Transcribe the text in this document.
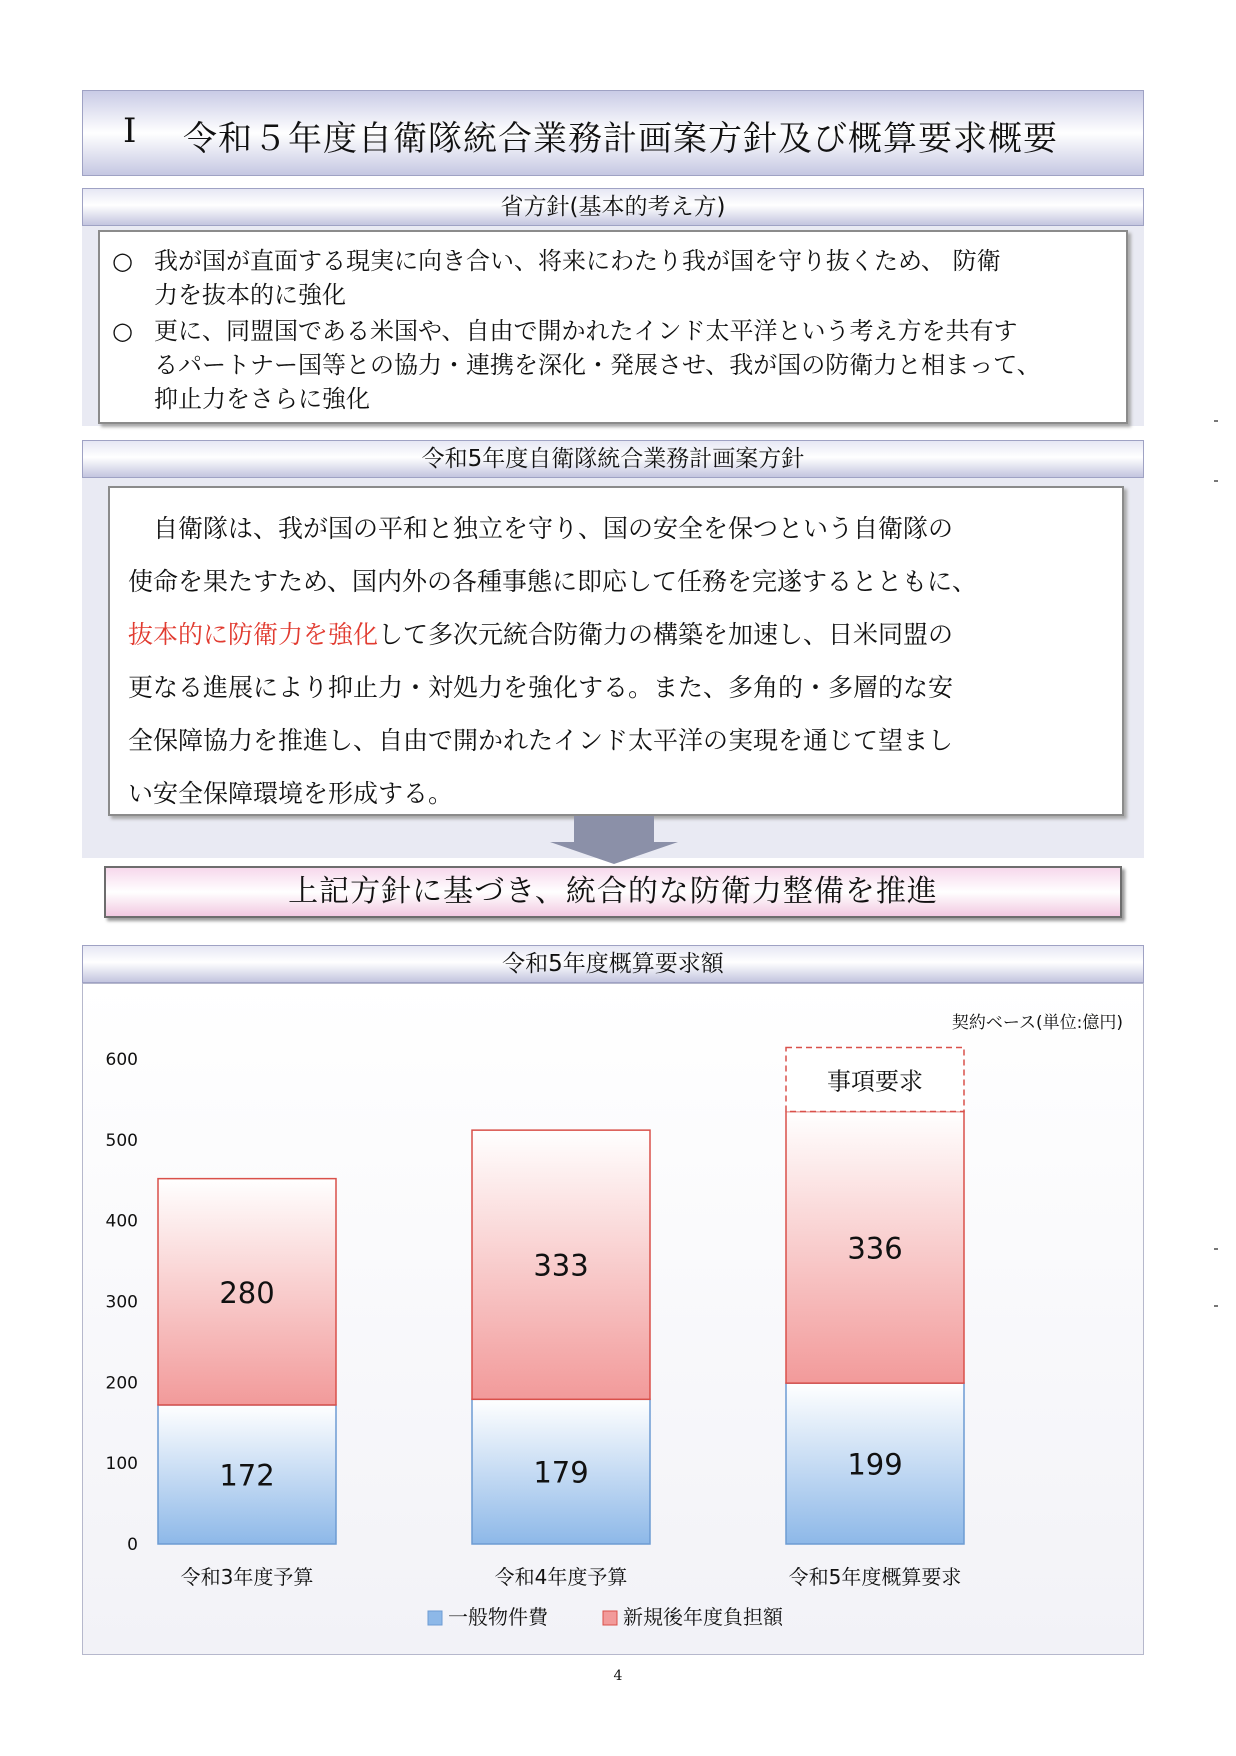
Ⅰ 令和５年度自衛隊統合業務計画案方針及び概算要求概要
省方針(基本的考え方)
○ 我が国が直面する現実に向き合い、将来にわたり我が国を守り抜くため、 防衛
力を抜本的に強化
○ 更に、同盟国である米国や、自由で開かれたインド太平洋という考え方を共有す
るパートナー国等との協力・連携を深化・発展させ、我が国の防衛力と相まって、
抑止力をさらに強化
令和5年度自衛隊統合業務計画案方針
　自衛隊は、我が国の平和と独立を守り、国の安全を保つという自衛隊の
使命を果たすため、国内外の各種事態に即応して任務を完遂するとともに、
抜本的に防衛力を強化して多次元統合防衛力の構築を加速し、日米同盟の
更なる進展により抑止力・対処力を強化する。また、多角的・多層的な安
全保障協力を推進し、自由で開かれたインド太平洋の実現を通じて望まし
い安全保障環境を形成する。
上記方針に基づき、統合的な防衛力整備を推進
令和5年度概算要求額
契約ベース(単位:億円)
0
100
200
300
400
500
600
172
280
令和3年度予算
179
333
令和4年度予算
199
336
令和5年度概算要求
事項要求
一般物件費	新規後年度負担額
4
